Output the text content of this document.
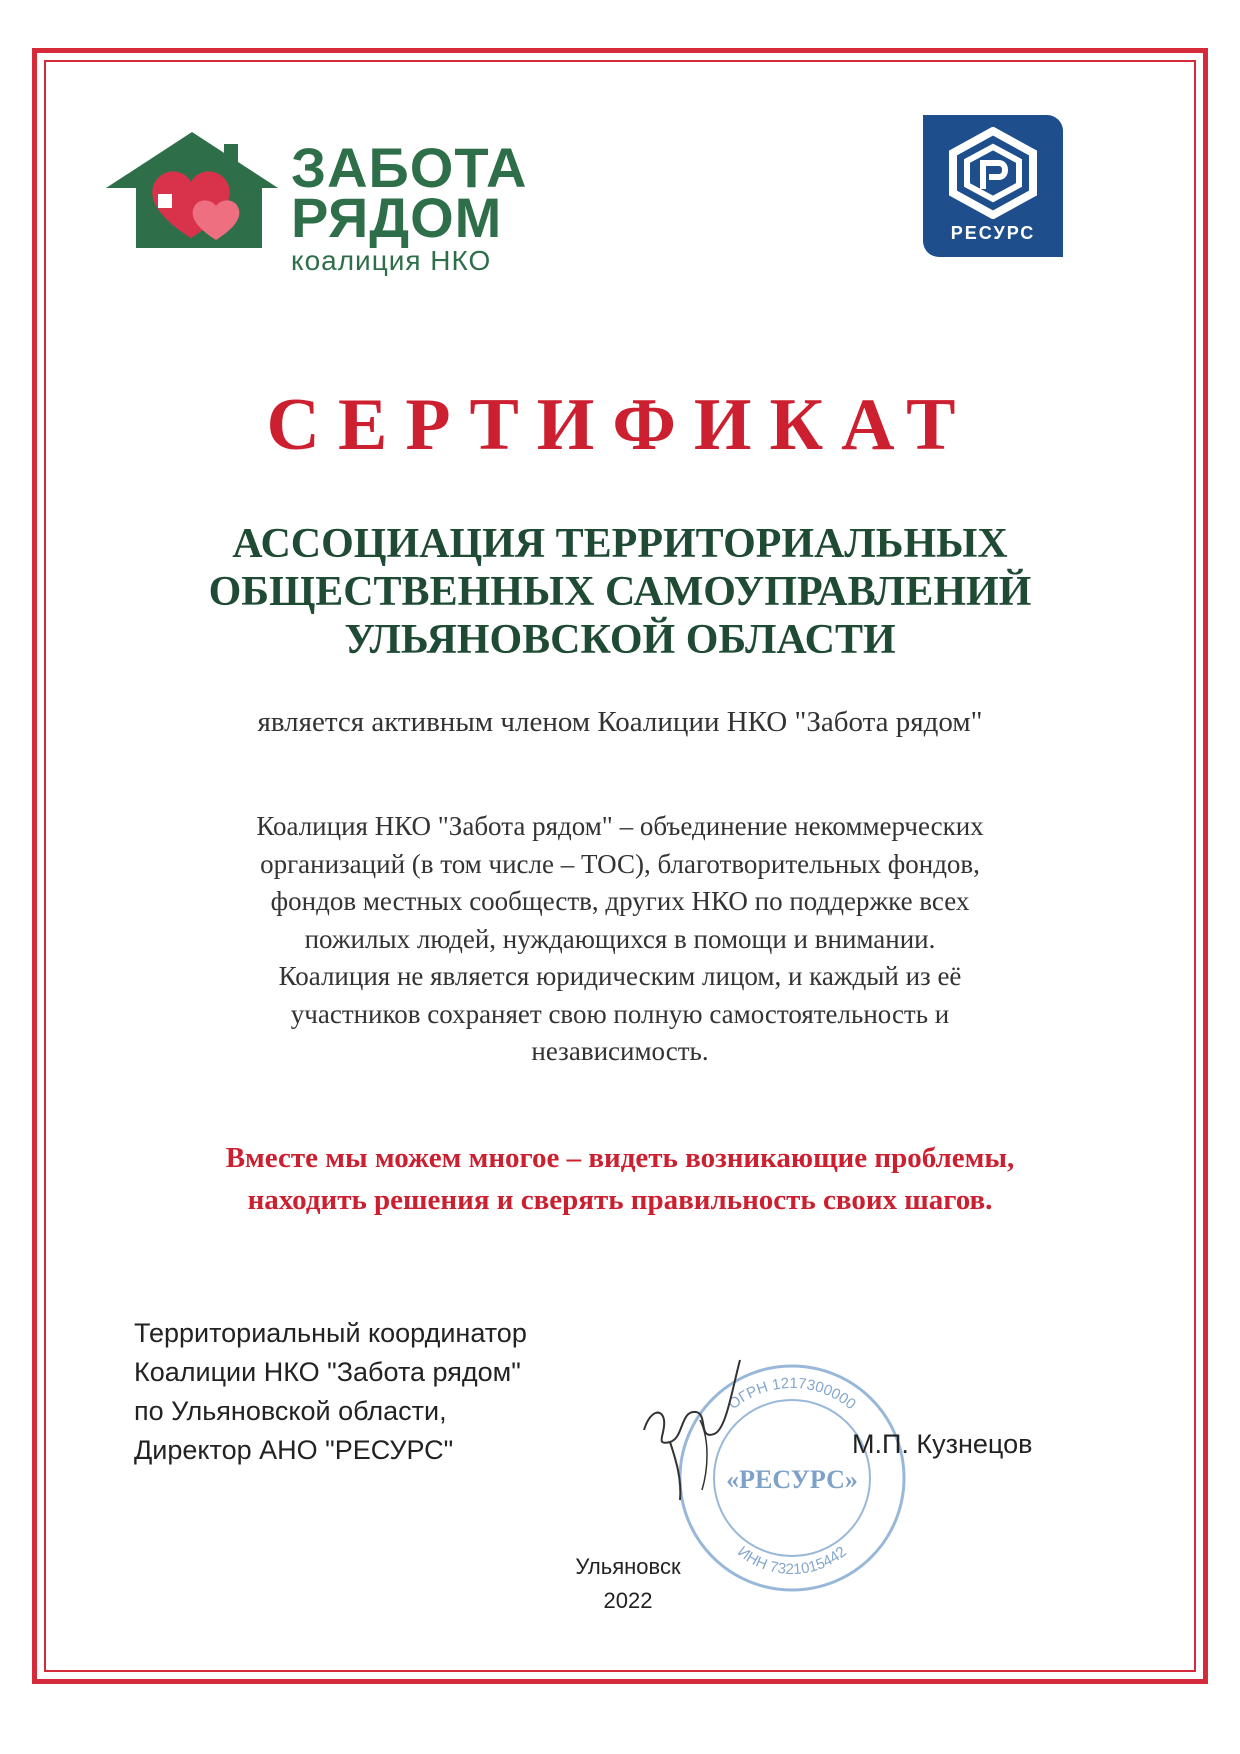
ЗАБОТА
РЯДОМ
коалиция НКО
РЕСУРС
СЕРТИФИКАТ
АССОЦИАЦИЯ ТЕРРИТОРИАЛЬНЫХ
ОБЩЕСТВЕННЫХ САМОУПРАВЛЕНИЙ
УЛЬЯНОВСКОЙ ОБЛАСТИ
является активным членом Коалиции НКО "Забота рядом"
Коалиция НКО "Забота рядом" – объединение некоммерческих
организаций (в том числе – ТОС), благотворительных фондов,
фондов местных сообществ, других НКО по поддержке всех
пожилых людей, нуждающихся в помощи и внимании.
Коалиция не является юридическим лицом, и каждый из её
участников сохраняет свою полную самостоятельность и
независимость.
Вместе мы можем многое – видеть возникающие проблемы,
находить решения и сверять правильность своих шагов.
Территориальный координатор
Коалиции НКО "Забота рядом"
по Ульяновской области,
Директор АНО "РЕСУРС"
ОГРН 1217300000
ИНН 7321015442
«РЕСУРС»
М.П. Кузнецов
Ульяновск
2022
